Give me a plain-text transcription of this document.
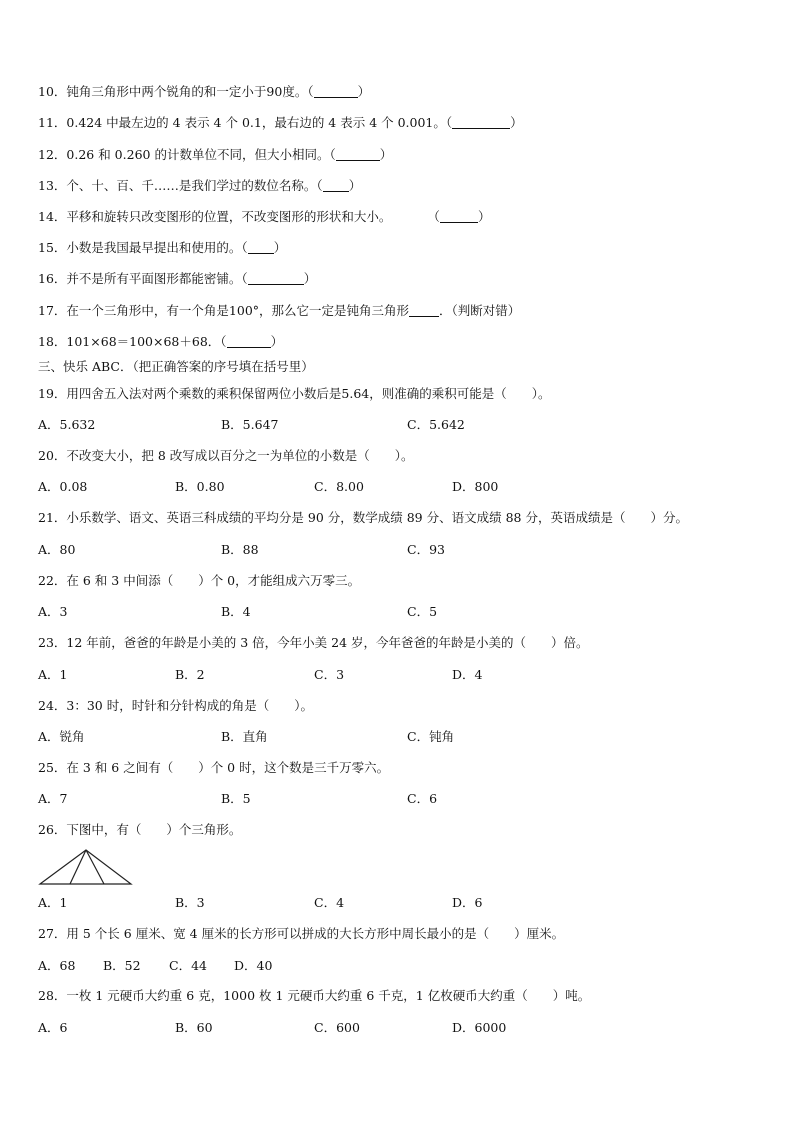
10．钝角三角形中两个锐角的和一定小于90度。（	）
11．0.424 中最左边的 4 表示 4 个 0.1，最右边的 4 表示 4 个 0.001。（	）
12．0.26 和 0.260 的计数单位不同，但大小相同。（	）
13．个、十、百、千……是我们学过的数位名称。（ ）
14．平移和旋转只改变图形的位置，不改变图形的形状和大小。	（	）
15．小数是我国最早提出和使用的。（ ）
16．并不是所有平面图形都能密铺。（	）
17．在一个三角形中，有一个角是100°，那么它一定是钝角三角形 ．（判断对错）
18．101×68＝100×68＋68．（	）
三、快乐 ABC．（把正确答案的序号填在括号里）
19．用四舍五入法对两个乘数的乘积保留两位小数后是5.64，则准确的乘积可能是（　　）。
A．5.632	B．5.647	C．5.642
20．不改变大小，把 8 改写成以百分之一为单位的小数是（　　）。
A．0.08	B．0.80	C．8.00	D．800
21．小乐数学、语文、英语三科成绩的平均分是 90 分，数学成绩 89 分、语文成绩 88 分，英语成绩是（　　）分。
A．80	B．88	C．93
22．在 6 和 3 中间添（　　）个 0，才能组成六万零三。
A．3	B．4	C．5
23．12 年前，爸爸的年龄是小美的 3 倍，今年小美 24 岁，今年爸爸的年龄是小美的（　　）倍。
A．1	B．2	C．3	D．4
24．3：30 时，时针和分针构成的角是（　　）。
A．锐角	B．直角	C．钝角
25．在 3 和 6 之间有（　　）个 0 时，这个数是三千万零六。
A．7	B．5	C．6
26．下图中，有（　　）个三角形。
A．1	B．3	C．4	D．6
27．用 5 个长 6 厘米、宽 4 厘米的长方形可以拼成的大长方形中周长最小的是（　　）厘米。
A．68 B．52 C．44 D．40
28．一枚 1 元硬币大约重 6 克，1000 枚 1 元硬币大约重 6 千克，1 亿枚硬币大约重（　　）吨。
A．6	B．60	C．600	D．6000
